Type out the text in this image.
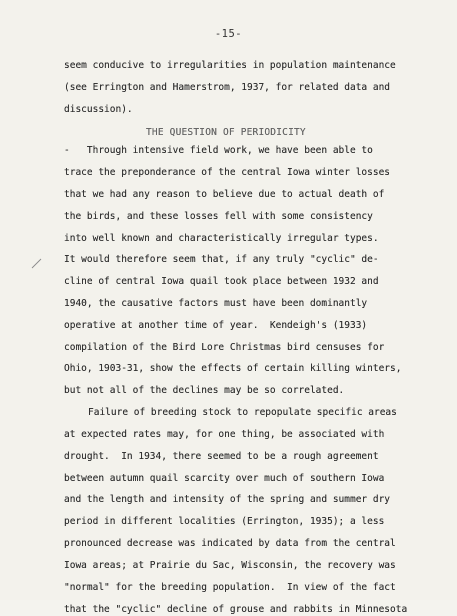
-15-
seem conducive to irregularities in population maintenance
(see Errington and Hamerstrom, 1937, for related data and
discussion).
THE QUESTION OF PERIODICITY
-   Through intensive field work, we have been able to
trace the preponderance of the central Iowa winter losses
that we had any reason to believe due to actual death of
the birds, and these losses fell with some consistency
into well known and characteristically irregular types.
It would therefore seem that, if any truly "cyclic" de-
cline of central Iowa quail took place between 1932 and
1940, the causative factors must have been dominantly
operative at another time of year.  Kendeigh's (1933)
compilation of the Bird Lore Christmas bird censuses for
Ohio, 1903-31, show the effects of certain killing winters,
but not all of the declines may be so correlated.
Failure of breeding stock to repopulate specific areas
at expected rates may, for one thing, be associated with
drought.  In 1934, there seemed to be a rough agreement
between autumn quail scarcity over much of southern Iowa
and the length and intensity of the spring and summer dry
period in different localities (Errington, 1935); a less
pronounced decrease was indicated by data from the central
Iowa areas; at Prairie du Sac, Wisconsin, the recovery was
"normal" for the breeding population.  In view of the fact
that the "cyclic" decline of grouse and rabbits in Minnesota
